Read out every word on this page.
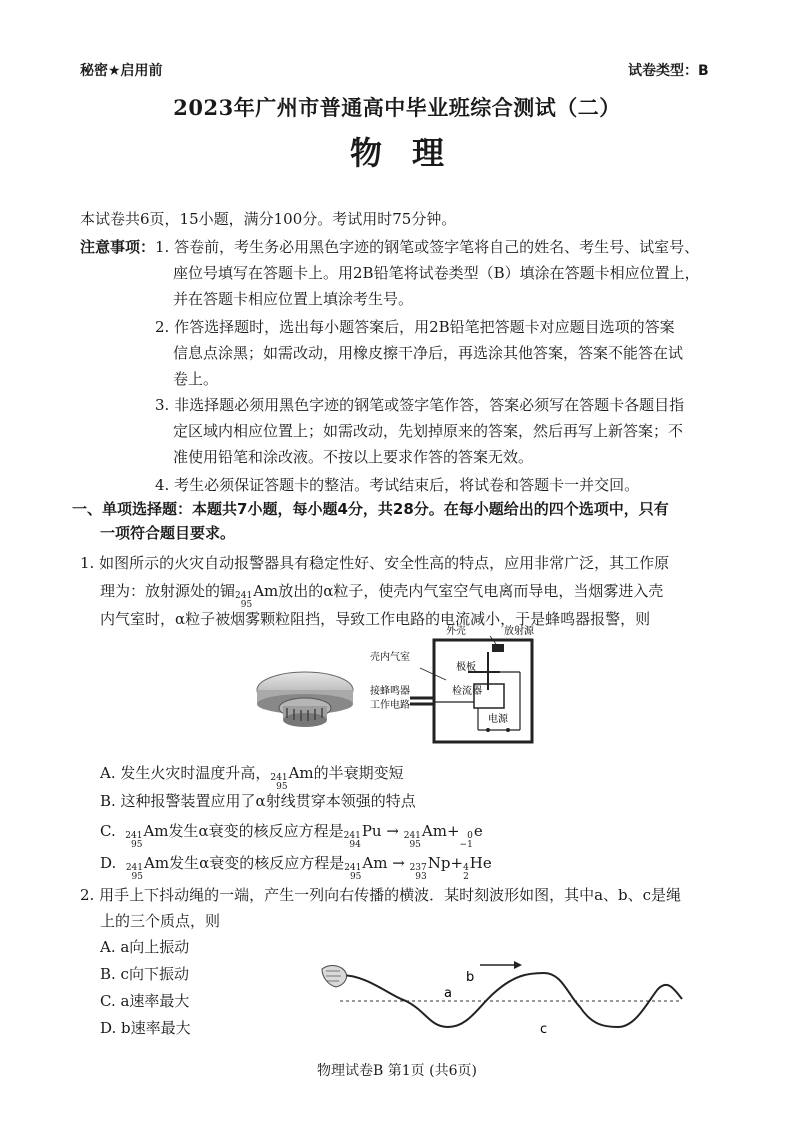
秘密★启用前	试卷类型：B
2023年广州市普通高中毕业班综合测试（二）
物理
本试卷共6页，15小题，满分100分。考试用时75分钟。
注意事项： 1. 答卷前，考生务必用黑色字迹的钢笔或签字笔将自己的姓名、考生号、试室号、
座位号填写在答题卡上。用2B铅笔将试卷类型（B）填涂在答题卡相应位置上，
并在答题卡相应位置上填涂考生号。
2. 作答选择题时，选出每小题答案后，用2B铅笔把答题卡对应题目选项的答案
信息点涂黑；如需改动，用橡皮擦干净后，再选涂其他答案，答案不能答在试
卷上。
3. 非选择题必须用黑色字迹的钢笔或签字笔作答，答案必须写在答题卡各题目指
定区域内相应位置上；如需改动，先划掉原来的答案，然后再写上新答案；不
准使用铅笔和涂改液。不按以上要求作答的答案无效。
4. 考生必须保证答题卡的整洁。考试结束后，将试卷和答题卡一并交回。
一、单项选择题：本题共7小题，每小题4分，共28分。在每小题给出的四个选项中，只有
一项符合题目要求。
1. 如图所示的火灾自动报警器具有稳定性好、安全性高的特点，应用非常广泛，其工作原
理为：放射源处的镅 241
95
Am放出的α粒子，使壳内气室空气电离而导电，当烟雾进入壳
内气室时，α粒子被烟雾颗粒阻挡，导致工作电路的电流减小，于是蜂鸣器报警，则
外壳	放射源
壳内气室
极板
检流器
接蜂鸣器
工作电路
电源
A. 发生火灾时温度升高， 241
95
Am的半衰期变短
B. 这种报警装置应用了α射线贯穿本领强的特点
C. 241
95
Am发生α衰变的核反应方程是 241
94
Pu → 241
95
Am+ 0
−1
e
D. 241
95
Am发生α衰变的核反应方程是 241
95
Am → 237
93
Np+ 4
2
He
2. 用手上下抖动绳的一端，产生一列向右传播的横波．某时刻波形如图，其中a、b、c是绳
上的三个质点，则
A. a向上振动
B. c向下振动
C. a速率最大
D. b速率最大
a
b
c
物理试卷B 第1页 (共6页)
